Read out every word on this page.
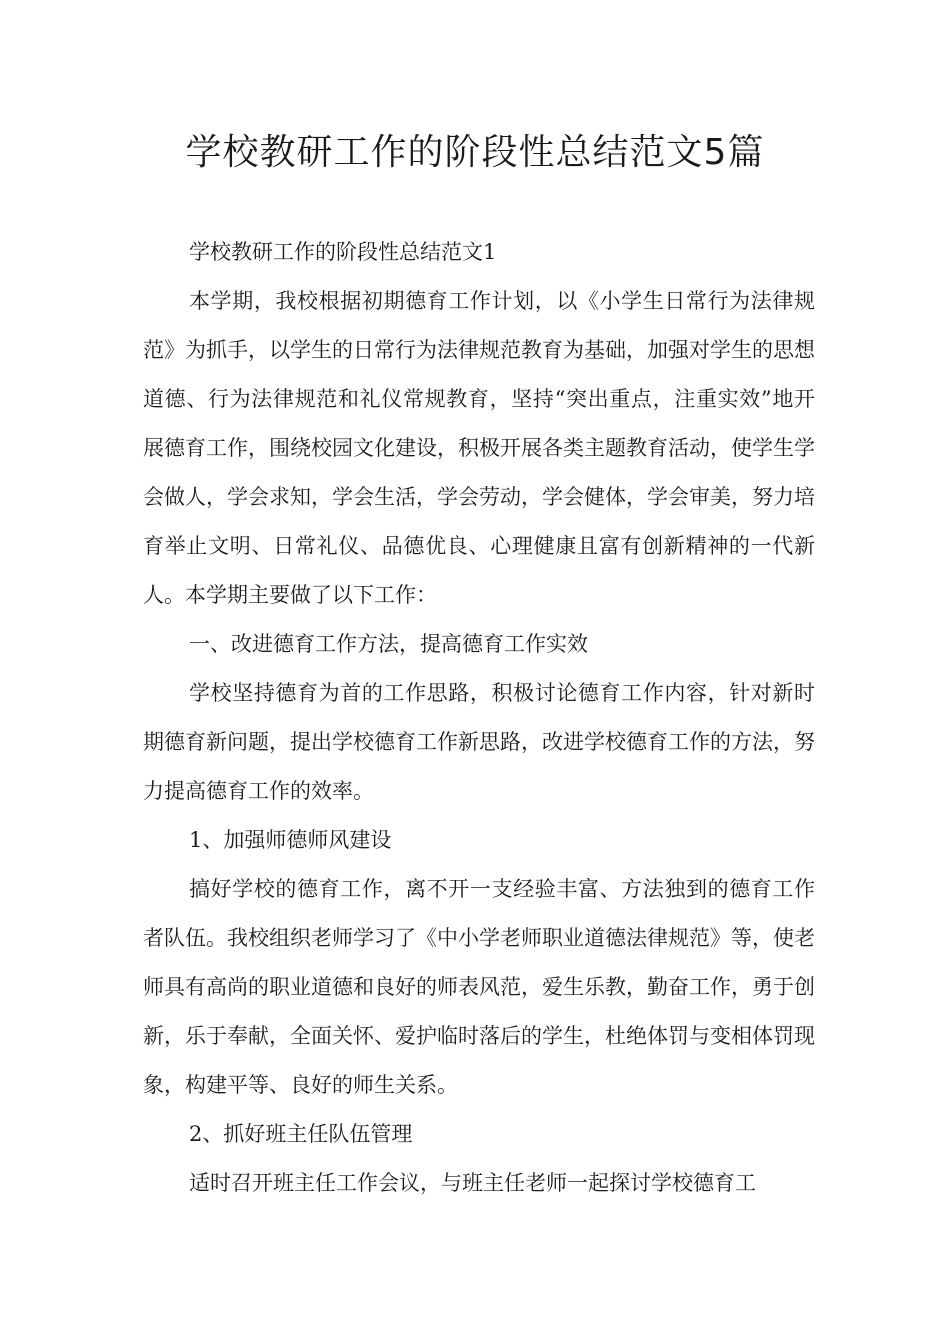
学校教研工作的阶段性总结范文5篇

学校教研工作的阶段性总结范文1

本学期，我校根据初期德育工作计划，以《小学生日常行为法律规范》为抓手，以学生的日常行为法律规范教育为基础，加强对学生的思想道德、行为法律规范和礼仪常规教育，坚持“突出重点，注重实效”地开展德育工作，围绕校园文化建设，积极开展各类主题教育活动，使学生学会做人，学会求知，学会生活，学会劳动，学会健体，学会审美，努力培育举止文明、日常礼仪、品德优良、心理健康且富有创新精神的一代新人。本学期主要做了以下工作：

一、改进德育工作方法，提高德育工作实效

学校坚持德育为首的工作思路，积极讨论德育工作内容，针对新时期德育新问题，提出学校德育工作新思路，改进学校德育工作的方法，努力提高德育工作的效率。

1、加强师德师风建设

搞好学校的德育工作，离不开一支经验丰富、方法独到的德育工作者队伍。我校组织老师学习了《中小学老师职业道德法律规范》等，使老师具有高尚的职业道德和良好的师表风范，爱生乐教，勤奋工作，勇于创新，乐于奉献，全面关怀、爱护临时落后的学生，杜绝体罚与变相体罚现象，构建平等、良好的师生关系。

2、抓好班主任队伍管理

适时召开班主任工作会议，与班主任老师一起探讨学校德育工
